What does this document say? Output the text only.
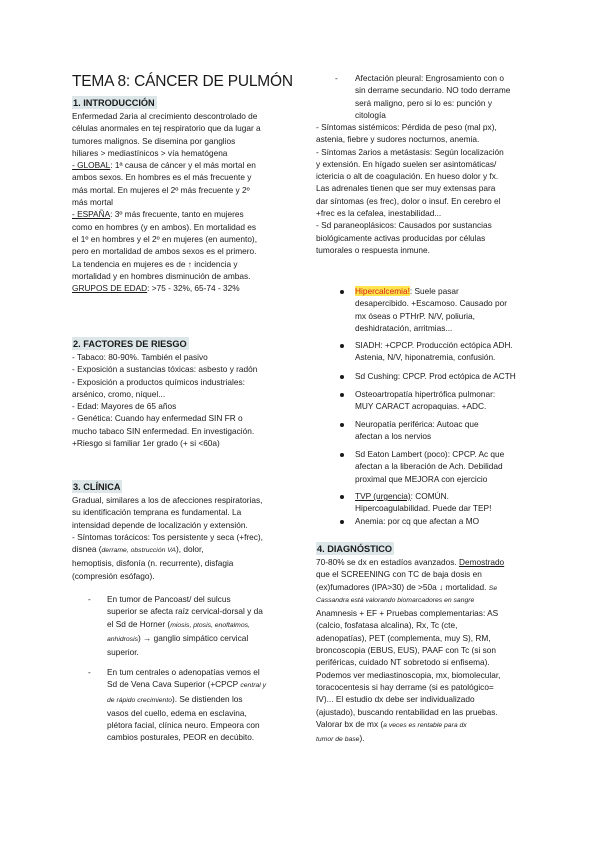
TEMA 8: CÁNCER DE PULMÓN
1. INTRODUCCIÓN
Enfermedad 2aria al crecimiento descontrolado de
células anormales en tej respiratorio que da lugar a
tumores malignos. Se disemina por ganglios
hiliares > mediastínicos > vía hematógena
- GLOBAL: 1ª causa de cáncer y el más mortal en
ambos sexos. En hombres es el más frecuente y
más mortal. En mujeres el 2º más frecuente y 2º
más mortal
- ESPAÑA: 3º más frecuente, tanto en mujeres
como en hombres (y en ambos). En mortalidad es
el 1º en hombres y el 2º en mujeres (en aumento),
pero en mortalidad de ambos sexos es el primero.
La tendencia en mujeres es de ↑ incidencia y
mortalidad y en hombres disminución de ambas.
GRUPOS DE EDAD: >75 - 32%, 65-74 - 32%
2. FACTORES DE RIESGO
- Tabaco: 80-90%. También el pasivo
- Exposición a sustancias tóxicas: asbesto y radón
- Exposición a productos químicos industriales:
arsénico, cromo, níquel...
- Edad: Mayores de 65 años
- Genética: Cuando hay enfermedad SIN FR o
mucho tabaco SIN enfermedad. En investigación.
+Riesgo si familiar 1er grado (+ si <60a)
3. CLÍNICA
Gradual, similares a los de afecciones respiratorias,
su identificación temprana es fundamental. La
intensidad depende de localización y extensión.
- Síntomas torácicos: Tos persistente y seca (+frec),
disnea (derrame, obstrucción VA), dolor,
hemoptisis, disfonía (n. recurrente), disfagia
(compresión esófago).
- En tumor de Pancoast/ del sulcus
superior se afecta raíz cervical-dorsal y da
el Sd de Horner (miosis, ptosis, enoftalmos,
anhidrosis) → ganglio simpático cervical
superior.
- En tum centrales o adenopatías vemos el
Sd de Vena Cava Superior (+CPCP central y
de rápido crecimiento). Se distienden los
vasos del cuello, edema en esclavina,
plétora facial, clínica neuro. Empeora con
cambios posturales, PEOR en decúbito.
- Afectación pleural: Engrosamiento con o
sin derrame secundario. NO todo derrame
será maligno, pero si lo es: punción y
citología
- Síntomas sistémicos: Pérdida de peso (mal px),
astenia, fiebre y sudores nocturnos, anemia.
- Síntomas 2arios a metástasis: Según localización
y extensión. En hígado suelen ser asintomáticas/
ictericia o alt de coagulación. En hueso dolor y fx.
Las adrenales tienen que ser muy extensas para
dar síntomas (es frec), dolor o insuf. En cerebro el
+frec es la cefalea, inestabilidad...
- Sd paraneoplásicos: Causados por sustancias
biológicamente activas producidas por células
tumorales o respuesta inmune.
Hipercalcemia!: Suele pasar
desapercibido. +Escamoso. Causado por
mx óseas o PTHrP. N/V, poliuria,
deshidratación, arritmias...
SIADH: +CPCP. Producción ectópica ADH.
Astenia, N/V, hiponatremia, confusión.
Sd Cushing: CPCP. Prod ectópica de ACTH
Osteoartropatía hipertrófica pulmonar:
MUY CARACT acropaquias. +ADC.
Neuropatía periférica: Autoac que
afectan a los nervios
Sd Eaton Lambert (poco): CPCP. Ac que
afectan a la liberación de Ach. Debilidad
proximal que MEJORA con ejercicio
TVP (urgencia): COMÚN.
Hipercoagulabilidad. Puede dar TEP!
Anemia: por cq que afectan a MO
4. DIAGNÓSTICO
70-80% se dx en estadíos avanzados. Demostrado
que el SCREENING con TC de baja dosis en
(ex)fumadores (IPA>30) de >50a ↓ mortalidad. Se
Cassandra está valorando biomarcadores en sangre
Anamnesis + EF + Pruebas complementarias: AS
(calcio, fosfatasa alcalina), Rx, Tc (cte,
adenopatías), PET (complementa, muy S), RM,
broncoscopia (EBUS, EUS), PAAF con Tc (si son
periféricas, cuidado NT sobretodo si enfisema).
Podemos ver mediastinoscopia, mx, biomolecular,
toracocentesis si hay derrame (si es patológico=
IV)... El estudio dx debe ser individualizado
(ajustado), buscando rentabilidad en las pruebas.
Valorar bx de mx (a veces es rentable para dx
tumor de base).
